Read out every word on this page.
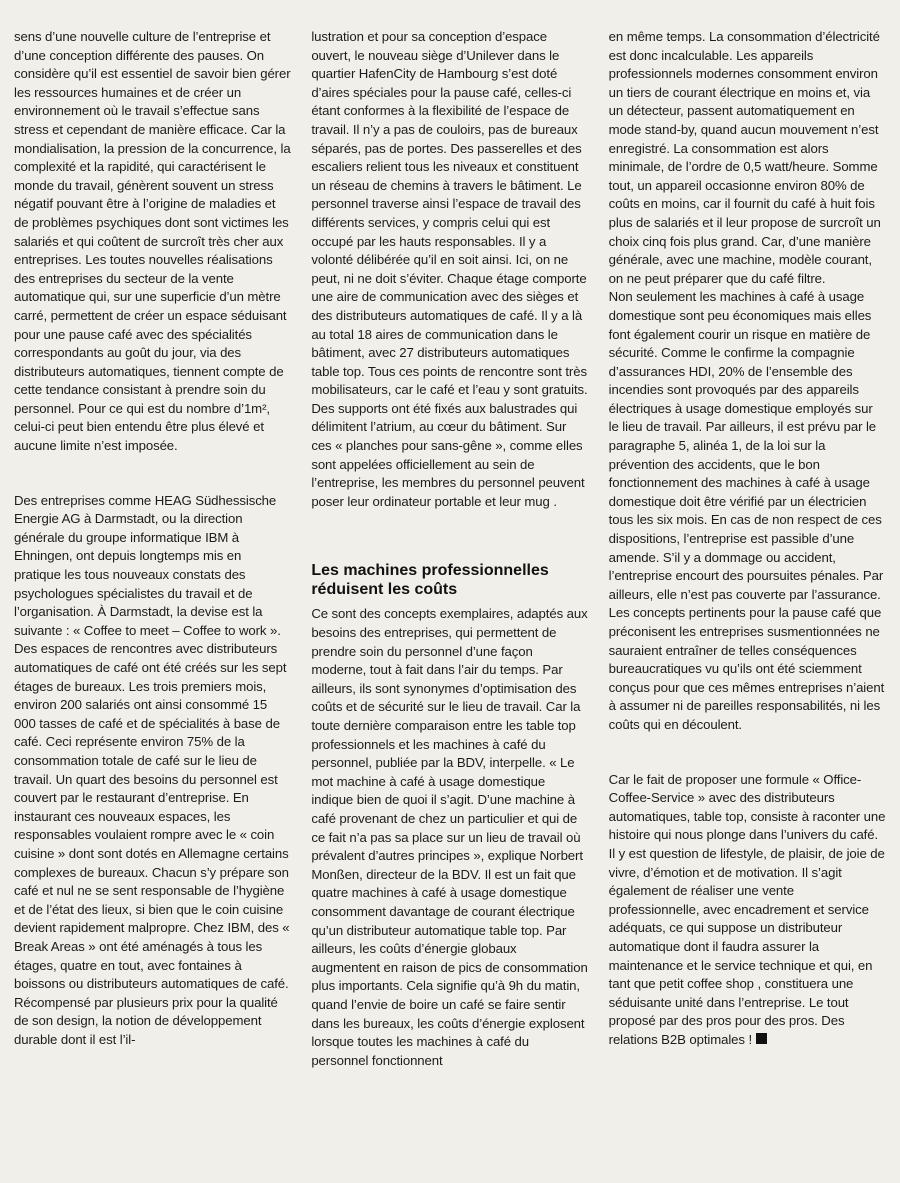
sens d’une nouvelle culture de l’entreprise et d’une conception différente des pauses. On considère qu’il est essentiel de savoir bien gérer les ressources humaines et de créer un environnement où le travail s’effectue sans stress et cependant de manière efficace. Car la mondialisation, la pression de la concurrence, la complexité et la rapidité, qui caractérisent le monde du travail, génèrent souvent un stress négatif pouvant être à l’origine de maladies et de problèmes psychiques dont sont victimes les salariés et qui coûtent de surcroît très cher aux entreprises. Les toutes nouvelles réalisations des entreprises du secteur de la vente automatique qui, sur une superficie d’un mètre carré, permettent de créer un espace séduisant pour une pause café avec des spécialités correspondants au goût du jour, via des distributeurs automatiques, tiennent compte de cette tendance consistant à prendre soin du personnel. Pour ce qui est du nombre d’1m², celui-ci peut bien entendu être plus élevé et aucune limite n’est imposée.

Des entreprises comme HEAG Südhessische Energie AG à Darmstadt, ou la direction générale du groupe informatique IBM à Ehningen, ont depuis longtemps mis en pratique les tous nouveaux constats des psychologues spécialistes du travail et de l’organisation. À Darmstadt, la devise est la suivante : « Coffee to meet – Coffee to work ». Des espaces de rencontres avec distributeurs automatiques de café ont été créés sur les sept étages de bureaux. Les trois premiers mois, environ 200 salariés ont ainsi consommé 15 000 tasses de café et de spécialités à base de café. Ceci représente environ 75% de la consommation totale de café sur le lieu de travail. Un quart des besoins du personnel est couvert par le restaurant d’entreprise. En instaurant ces nouveaux espaces, les responsables voulaient rompre avec le « coin cuisine » dont sont dotés en Allemagne certains complexes de bureaux. Chacun s’y prépare son café et nul ne se sent responsable de l’hygiène et de l’état des lieux, si bien que le coin cuisine devient rapidement malpropre. Chez IBM, des « Break Areas » ont été aménagés à tous les étages, quatre en tout, avec fontaines à boissons ou distributeurs automatiques de café. Récompensé par plusieurs prix pour la qualité de son design, la notion de développement durable dont il est l’il-

lustration et pour sa conception d’espace ouvert, le nouveau siège d’Unilever dans le quartier HafenCity de Hambourg s’est doté d’aires spéciales pour la pause café, celles-ci étant conformes à la flexibilité de l’espace de travail. Il n’y a pas de couloirs, pas de bureaux séparés, pas de portes. Des passerelles et des escaliers relient tous les niveaux et constituent un réseau de chemins à travers le bâtiment. Le personnel traverse ainsi l’espace de travail des différents services, y compris celui qui est occupé par les hauts responsables. Il y a volonté délibérée qu’il en soit ainsi. Ici, on ne peut, ni ne doit s’éviter. Chaque étage comporte une aire de communication avec des sièges et des distributeurs automatiques de café. Il y a là au total 18 aires de communication dans le bâtiment, avec 27 distributeurs automatiques table top. Tous ces points de rencontre sont très mobilisateurs, car le café et l’eau y sont gratuits. Des supports ont été fixés aux balustrades qui délimitent l’atrium, au cœur du bâtiment. Sur ces « planches pour sans-gêne », comme elles sont appelées officiellement au sein de l’entreprise, les membres du personnel peuvent poser leur ordinateur portable et leur mug .

Les machines professionnelles réduisent les coûts

Ce sont des concepts exemplaires, adaptés aux besoins des entreprises, qui permettent de prendre soin du personnel d’une façon moderne, tout à fait dans l’air du temps. Par ailleurs, ils sont synonymes d’optimisation des coûts et de sécurité sur le lieu de travail. Car la toute dernière comparaison entre les table top professionnels et les machines à café du personnel, publiée par la BDV, interpelle. « Le mot machine à café à usage domestique indique bien de quoi il s’agit. D’une machine à café provenant de chez un particulier et qui de ce fait n’a pas sa place sur un lieu de travail où prévalent d’autres principes », explique Norbert Monßen, directeur de la BDV. Il est un fait que quatre machines à café à usage domestique consomment davantage de courant électrique qu’un distributeur automatique table top. Par ailleurs, les coûts d’énergie globaux augmentent en raison de pics de consommation plus importants. Cela signifie qu’à 9h du matin, quand l’envie de boire un café se faire sentir dans les bureaux, les coûts d’énergie explosent lorsque toutes les machines à café du personnel fonctionnent

en même temps. La consommation d’électricité est donc incalculable. Les appareils professionnels modernes consomment environ un tiers de courant électrique en moins et, via un détecteur, passent automatiquement en mode stand-by, quand aucun mouvement n’est enregistré. La consommation est alors minimale, de l’ordre de 0,5 watt/heure. Somme tout, un appareil occasionne environ 80% de coûts en moins, car il fournit du café à huit fois plus de salariés et il leur propose de surcroît un choix cinq fois plus grand. Car, d’une manière générale, avec une machine, modèle courant, on ne peut préparer que du café filtre.

Non seulement les machines à café à usage domestique sont peu économiques mais elles font également courir un risque en matière de sécurité. Comme le confirme la compagnie d’assurances HDI, 20% de l’ensemble des incendies sont provoqués par des appareils électriques à usage domestique employés sur le lieu de travail. Par ailleurs, il est prévu par le paragraphe 5, alinéa 1, de la loi sur la prévention des accidents, que le bon fonctionnement des machines à café à usage domestique doit être vérifié par un électricien tous les six mois. En cas de non respect de ces dispositions, l’entreprise est passible d’une amende. S’il y a dommage ou accident, l’entreprise encourt des poursuites pénales. Par ailleurs, elle n’est pas couverte par l’assurance.

Les concepts pertinents pour la pause café que préconisent les entreprises susmentionnées ne sauraient entraîner de telles conséquences bureaucratiques vu qu’ils ont été sciemment conçus pour que ces mêmes entreprises n’aient à assumer ni de pareilles responsabilités, ni les coûts qui en découlent.

Car le fait de proposer une formule « Office-Coffee-Service » avec des distributeurs automatiques, table top, consiste à raconter une histoire qui nous plonge dans l’univers du café. Il y est question de lifestyle, de plaisir, de joie de vivre, d’émotion et de motivation. Il s’agit également de réaliser une vente professionnelle, avec encadrement et service adéquats, ce qui suppose un distributeur automatique dont il faudra assurer la maintenance et le service technique et qui, en tant que petit coffee shop , constituera une séduisante unité dans l’entreprise. Le tout proposé par des pros pour des pros. Des relations B2B optimales !
